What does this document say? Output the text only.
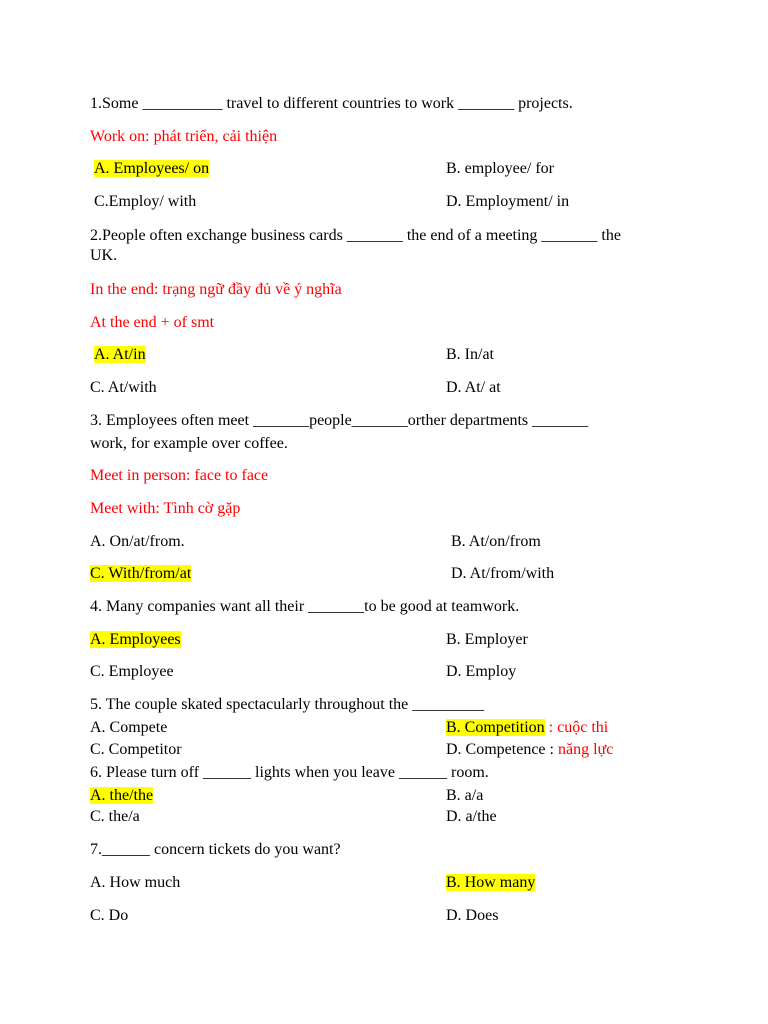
1.Some __________ travel to different countries to work _______ projects.
Work on: phát triển, cải thiện
A. Employees/ on	B. employee/ for
C.Employ/ with	D. Employment/ in
2.People often exchange business cards _______ the end of a meeting _______ the
UK.
In the end: trạng ngữ đầy đủ về ý nghĩa
At the end + of smt
A. At/in	B. In/at
C. At/with	D. At/ at
3. Employees often meet _______people_______orther departments _______
work, for example over coffee.
Meet in person: face to face
Meet with: Tình cờ gặp
A. On/at/from.	B. At/on/from
C. With/from/at	D. At/from/with
4. Many companies want all their _______to be good at teamwork.
A. Employees	B. Employer
C. Employee	D. Employ
5. The couple skated spectacularly throughout the _________
A. Compete	B. Competition : cuộc thi
C. Competitor	D. Competence : năng lực
6. Please turn off ______ lights when you leave ______ room.
A. the/the	B. a/a
C. the/a	D. a/the
7.______ concern tickets do you want?
A. How much	B. How many
C. Do	D. Does
